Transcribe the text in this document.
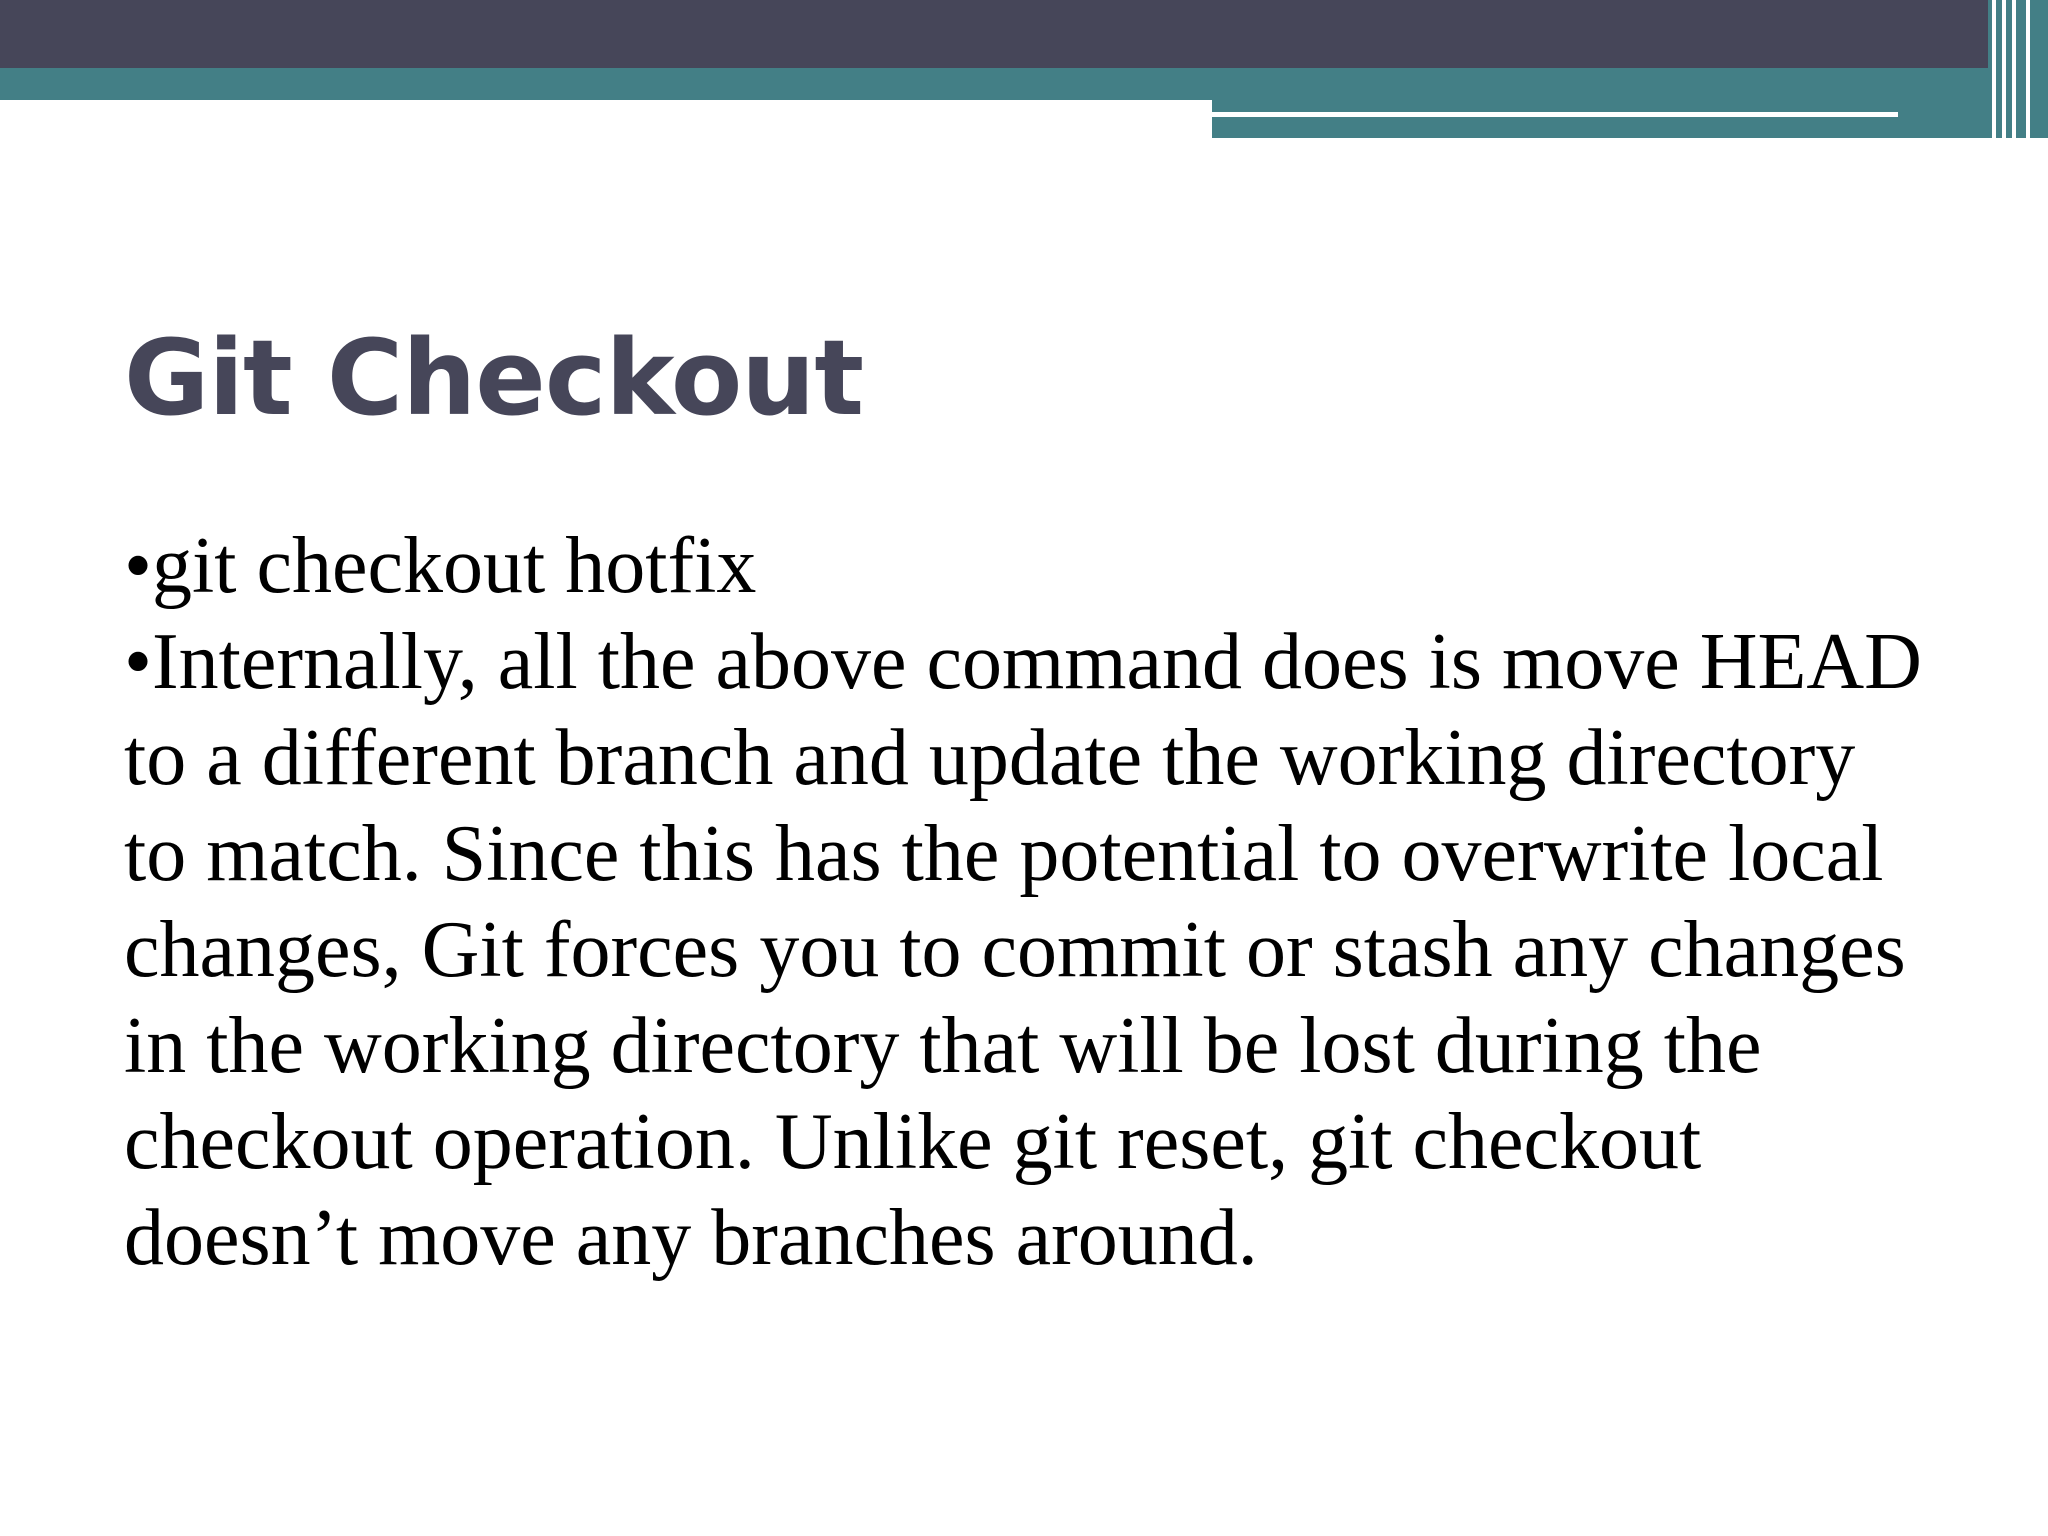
Git Checkout

•git checkout hotfix

•Internally, all the above command does is move HEAD to a different branch and update the working directory to match. Since this has the potential to overwrite local changes, Git forces you to commit or stash any changes in the working directory that will be lost during the checkout operation. Unlike git reset, git checkout doesn’t move any branches around.
